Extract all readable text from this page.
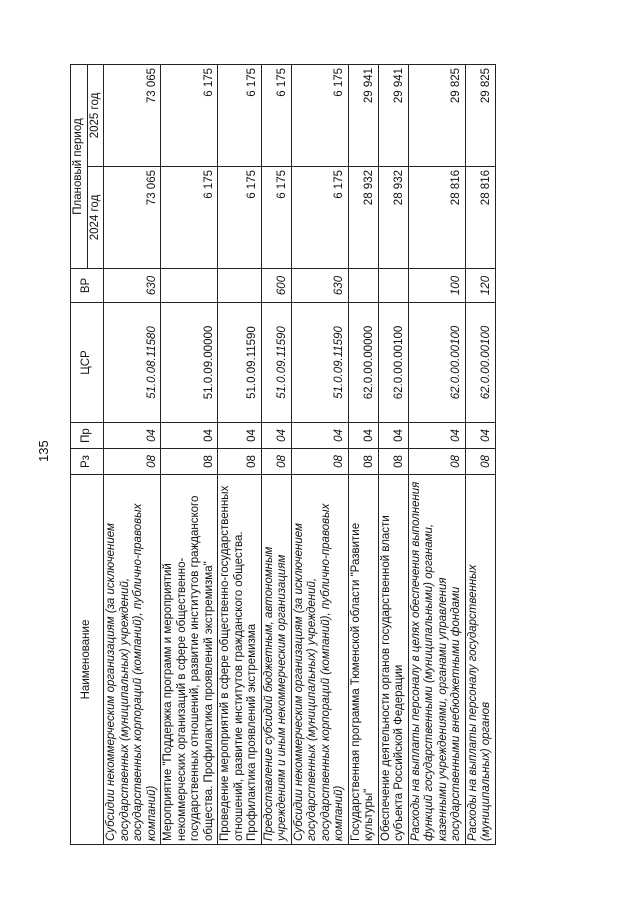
135
Наименование	Рз	Пр	ЦСР	ВР	Плановый период	
					2024 год	2025 год
Субсидии некоммерческим организациям (за исключением государственных (муниципальных) учреждений, государственных корпораций (компаний), публично-правовых компаний)	08	04	51.0.08.11580	630	73 065	73 065
Мероприятие "Поддержка программ и мероприятий некоммерческих организаций в сфере общественно-государственных отношений, развитие институтов гражданского общества. Профилактика проявлений экстремизма"	08	04	51.0.09.00000		6 175	6 175
Проведение мероприятий в сфере общественно-государственных отношений, развитие институтов гражданского общества. Профилактика проявлений экстремизма	08	04	51.0.09.11590		6 175	6 175
Предоставление субсидий бюджетным, автономным учреждениям и иным некоммерческим организациям	08	04	51.0.09.11590	600	6 175	6 175
Субсидии некоммерческим организациям (за исключением государственных (муниципальных) учреждений, государственных корпораций (компаний), публично-правовых компаний)	08	04	51.0.09.11590	630	6 175	6 175
Государственная программа Тюменской области "Развитие культуры"	08	04	62.0.00.00000		28 932	29 941
Обеспечение деятельности органов государственной власти субъекта Российской Федерации	08	04	62.0.00.00100		28 932	29 941
Расходы на выплаты персоналу в целях обеспечения выполнения функций государственными (муниципальными) органами, казенными учреждениями, органами управления государственными внебюджетными фондами	08	04	62.0.00.00100	100	28 816	29 825
Расходы на выплаты персоналу государственных (муниципальных) органов	08	04	62.0.00.00100	120	28 816	29 825
